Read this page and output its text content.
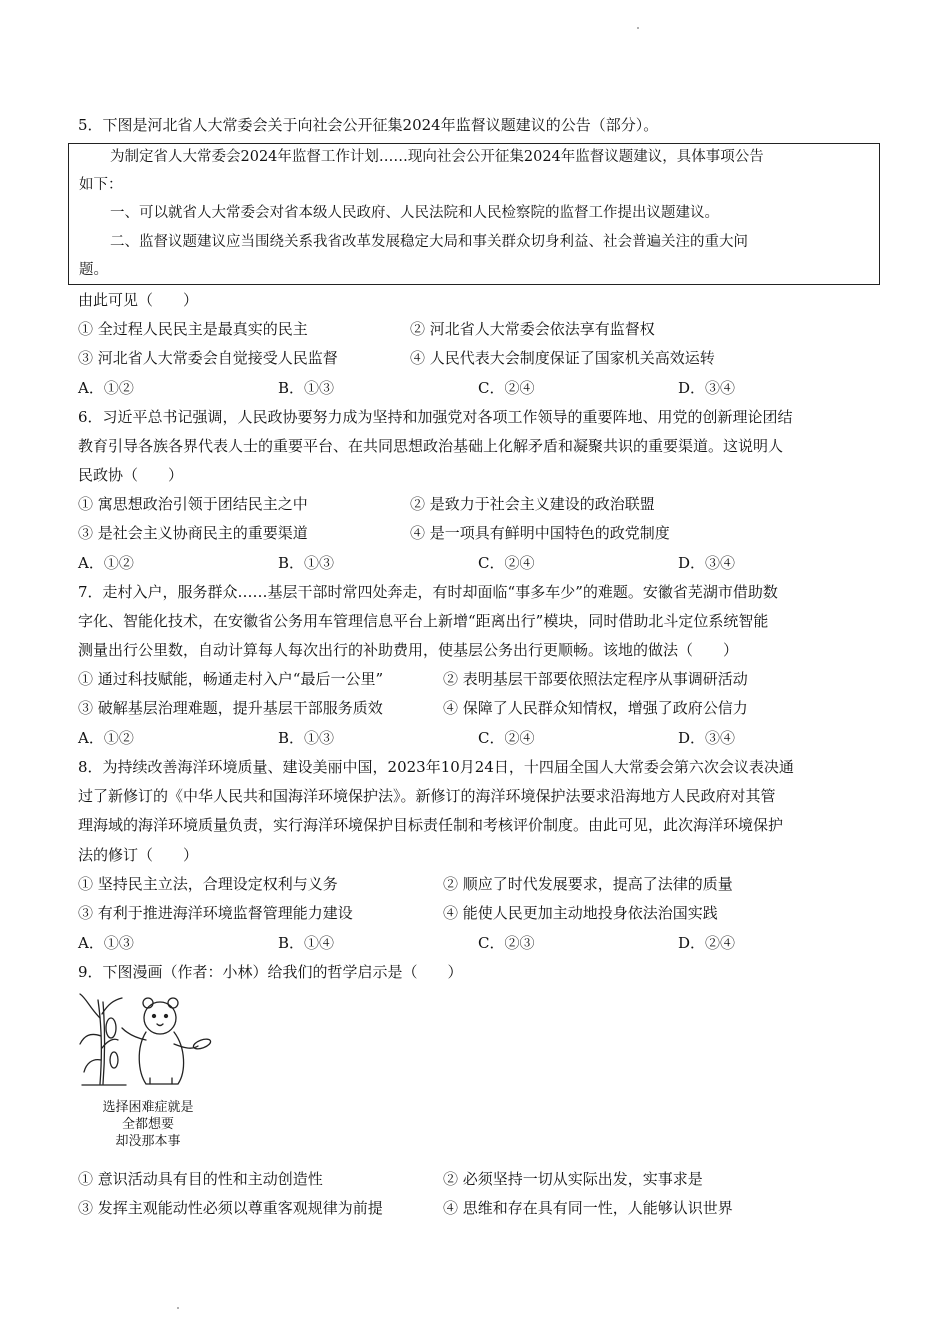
5．下图是河北省人大常委会关于向社会公开征集2024年监督议题建议的公告（部分）。
为制定省人大常委会2024年监督工作计划……现向社会公开征集2024年监督议题建议，具体事项公告
如下：
一、可以就省人大常委会对省本级人民政府、人民法院和人民检察院的监督工作提出议题建议。
二、监督议题建议应当围绕关系我省改革发展稳定大局和事关群众切身利益、社会普遍关注的重大问
题。
由此可见（　　）
① 全过程人民民主是最真实的民主	② 河北省人大常委会依法享有监督权
③ 河北省人大常委会自觉接受人民监督	④ 人民代表大会制度保证了国家机关高效运转
A．①②	B．①③	C．②④	D．③④
6．习近平总书记强调，人民政协要努力成为坚持和加强党对各项工作领导的重要阵地、用党的创新理论团结
教育引导各族各界代表人士的重要平台、在共同思想政治基础上化解矛盾和凝聚共识的重要渠道。这说明人
民政协（　　）
① 寓思想政治引领于团结民主之中	② 是致力于社会主义建设的政治联盟
③ 是社会主义协商民主的重要渠道	④ 是一项具有鲜明中国特色的政党制度
A．①②	B．①③	C．②④	D．③④
7．走村入户，服务群众……基层干部时常四处奔走，有时却面临“事多车少”的难题。安徽省芜湖市借助数
字化、智能化技术，在安徽省公务用车管理信息平台上新增“距离出行”模块，同时借助北斗定位系统智能
测量出行公里数，自动计算每人每次出行的补助费用，使基层公务出行更顺畅。该地的做法（　　）
① 通过科技赋能，畅通走村入户“最后一公里”	② 表明基层干部要依照法定程序从事调研活动
③ 破解基层治理难题，提升基层干部服务质效	④ 保障了人民群众知情权，增强了政府公信力
A．①②	B．①③	C．②④	D．③④
8．为持续改善海洋环境质量、建设美丽中国，2023年10月24日，十四届全国人大常委会第六次会议表决通
过了新修订的《中华人民共和国海洋环境保护法》。新修订的海洋环境保护法要求沿海地方人民政府对其管
理海域的海洋环境质量负责，实行海洋环境保护目标责任制和考核评价制度。由此可见，此次海洋环境保护
法的修订（　　）
① 坚持民主立法，合理设定权利与义务	② 顺应了时代发展要求，提高了法律的质量
③ 有利于推进海洋环境监督管理能力建设	④ 能使人民更加主动地投身依法治国实践
A．①③	B．①④	C．②③	D．②④
9．下图漫画（作者：小林）给我们的哲学启示是（　　）
选择困难症就是
全都想要
却没那本事
① 意识活动具有目的性和主动创造性	② 必须坚持一切从实际出发，实事求是
③ 发挥主观能动性必须以尊重客观规律为前提	④ 思维和存在具有同一性，人能够认识世界
